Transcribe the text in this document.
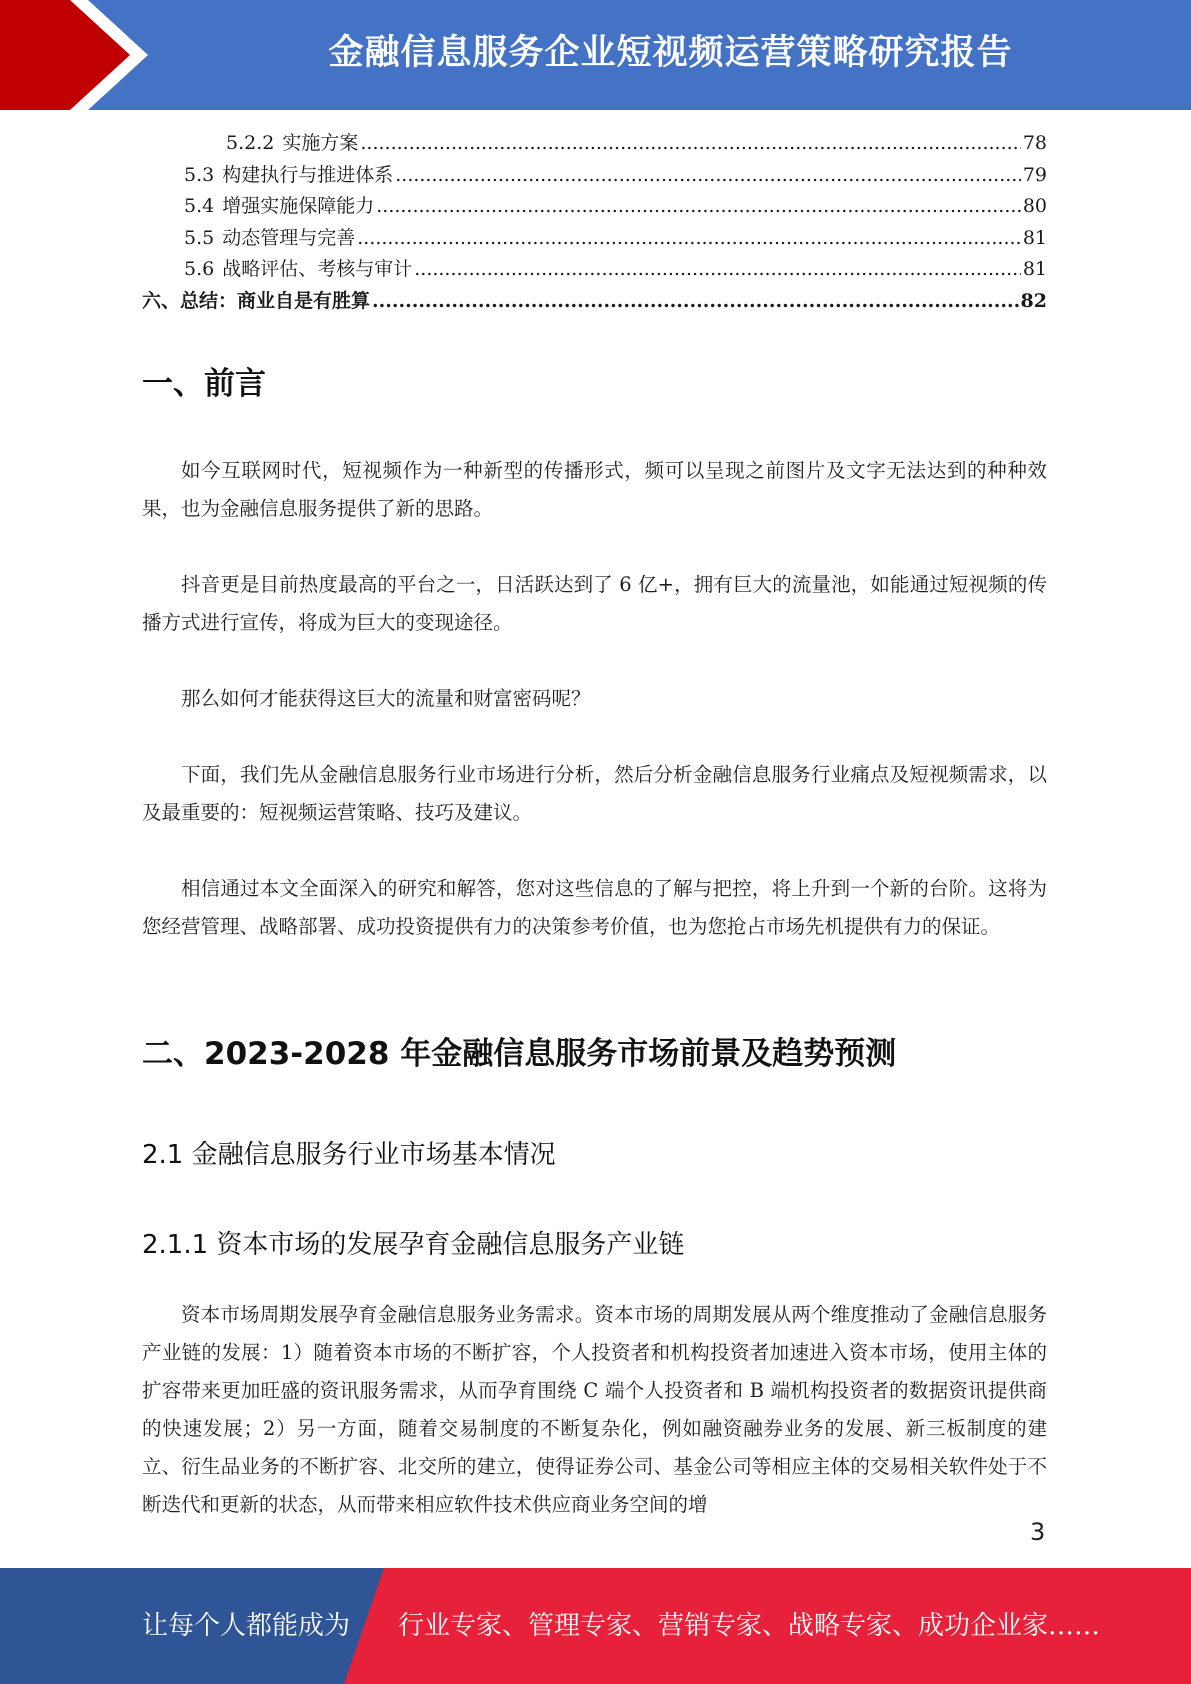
金融信息服务企业短视频运营策略研究报告
5.2.2 实施方案 .....	78
5.3 构建执行与推进体系 .....	79
5.4 增强实施保障能力 .....	80
5.5 动态管理与完善 .....	81
5.6 战略评估、考核与审计 .....	81
六、总结：商业自是有胜算 .....	82
一、前言

如今互联网时代，短视频作为一种新型的传播形式，频可以呈现之前图片及文字无法达到的种种效果，也为金融信息服务提供了新的思路。

抖音更是目前热度最高的平台之一，日活跃达到了 6 亿+，拥有巨大的流量池，如能通过短视频的传播方式进行宣传，将成为巨大的变现途径。

那么如何才能获得这巨大的流量和财富密码呢？

下面，我们先从金融信息服务行业市场进行分析，然后分析金融信息服务行业痛点及短视频需求，以及最重要的：短视频运营策略、技巧及建议。

相信通过本文全面深入的研究和解答，您对这些信息的了解与把控，将上升到一个新的台阶。这将为您经营管理、战略部署、成功投资提供有力的决策参考价值，也为您抢占市场先机提供有力的保证。

二、2023-2028 年金融信息服务市场前景及趋势预测
2.1 金融信息服务行业市场基本情况
2.1.1 资本市场的发展孕育金融信息服务产业链

资本市场周期发展孕育金融信息服务业务需求。资本市场的周期发展从两个维度推动了金融信息服务产业链的发展：1）随着资本市场的不断扩容，个人投资者和机构投资者加速进入资本市场，使用主体的扩容带来更加旺盛的资讯服务需求，从而孕育围绕 C 端个人投资者和 B 端机构投资者的数据资讯提供商的快速发展；2）另一方面，随着交易制度的不断复杂化，例如融资融券业务的发展、新三板制度的建立、衍生品业务的不断扩容、北交所的建立，使得证券公司、基金公司等相应主体的交易相关软件处于不断迭代和更新的状态，从而带来相应软件技术供应商业务空间的增

3
让每个人都能成为 行业专家、管理专家、营销专家、战略专家、成功企业家……
